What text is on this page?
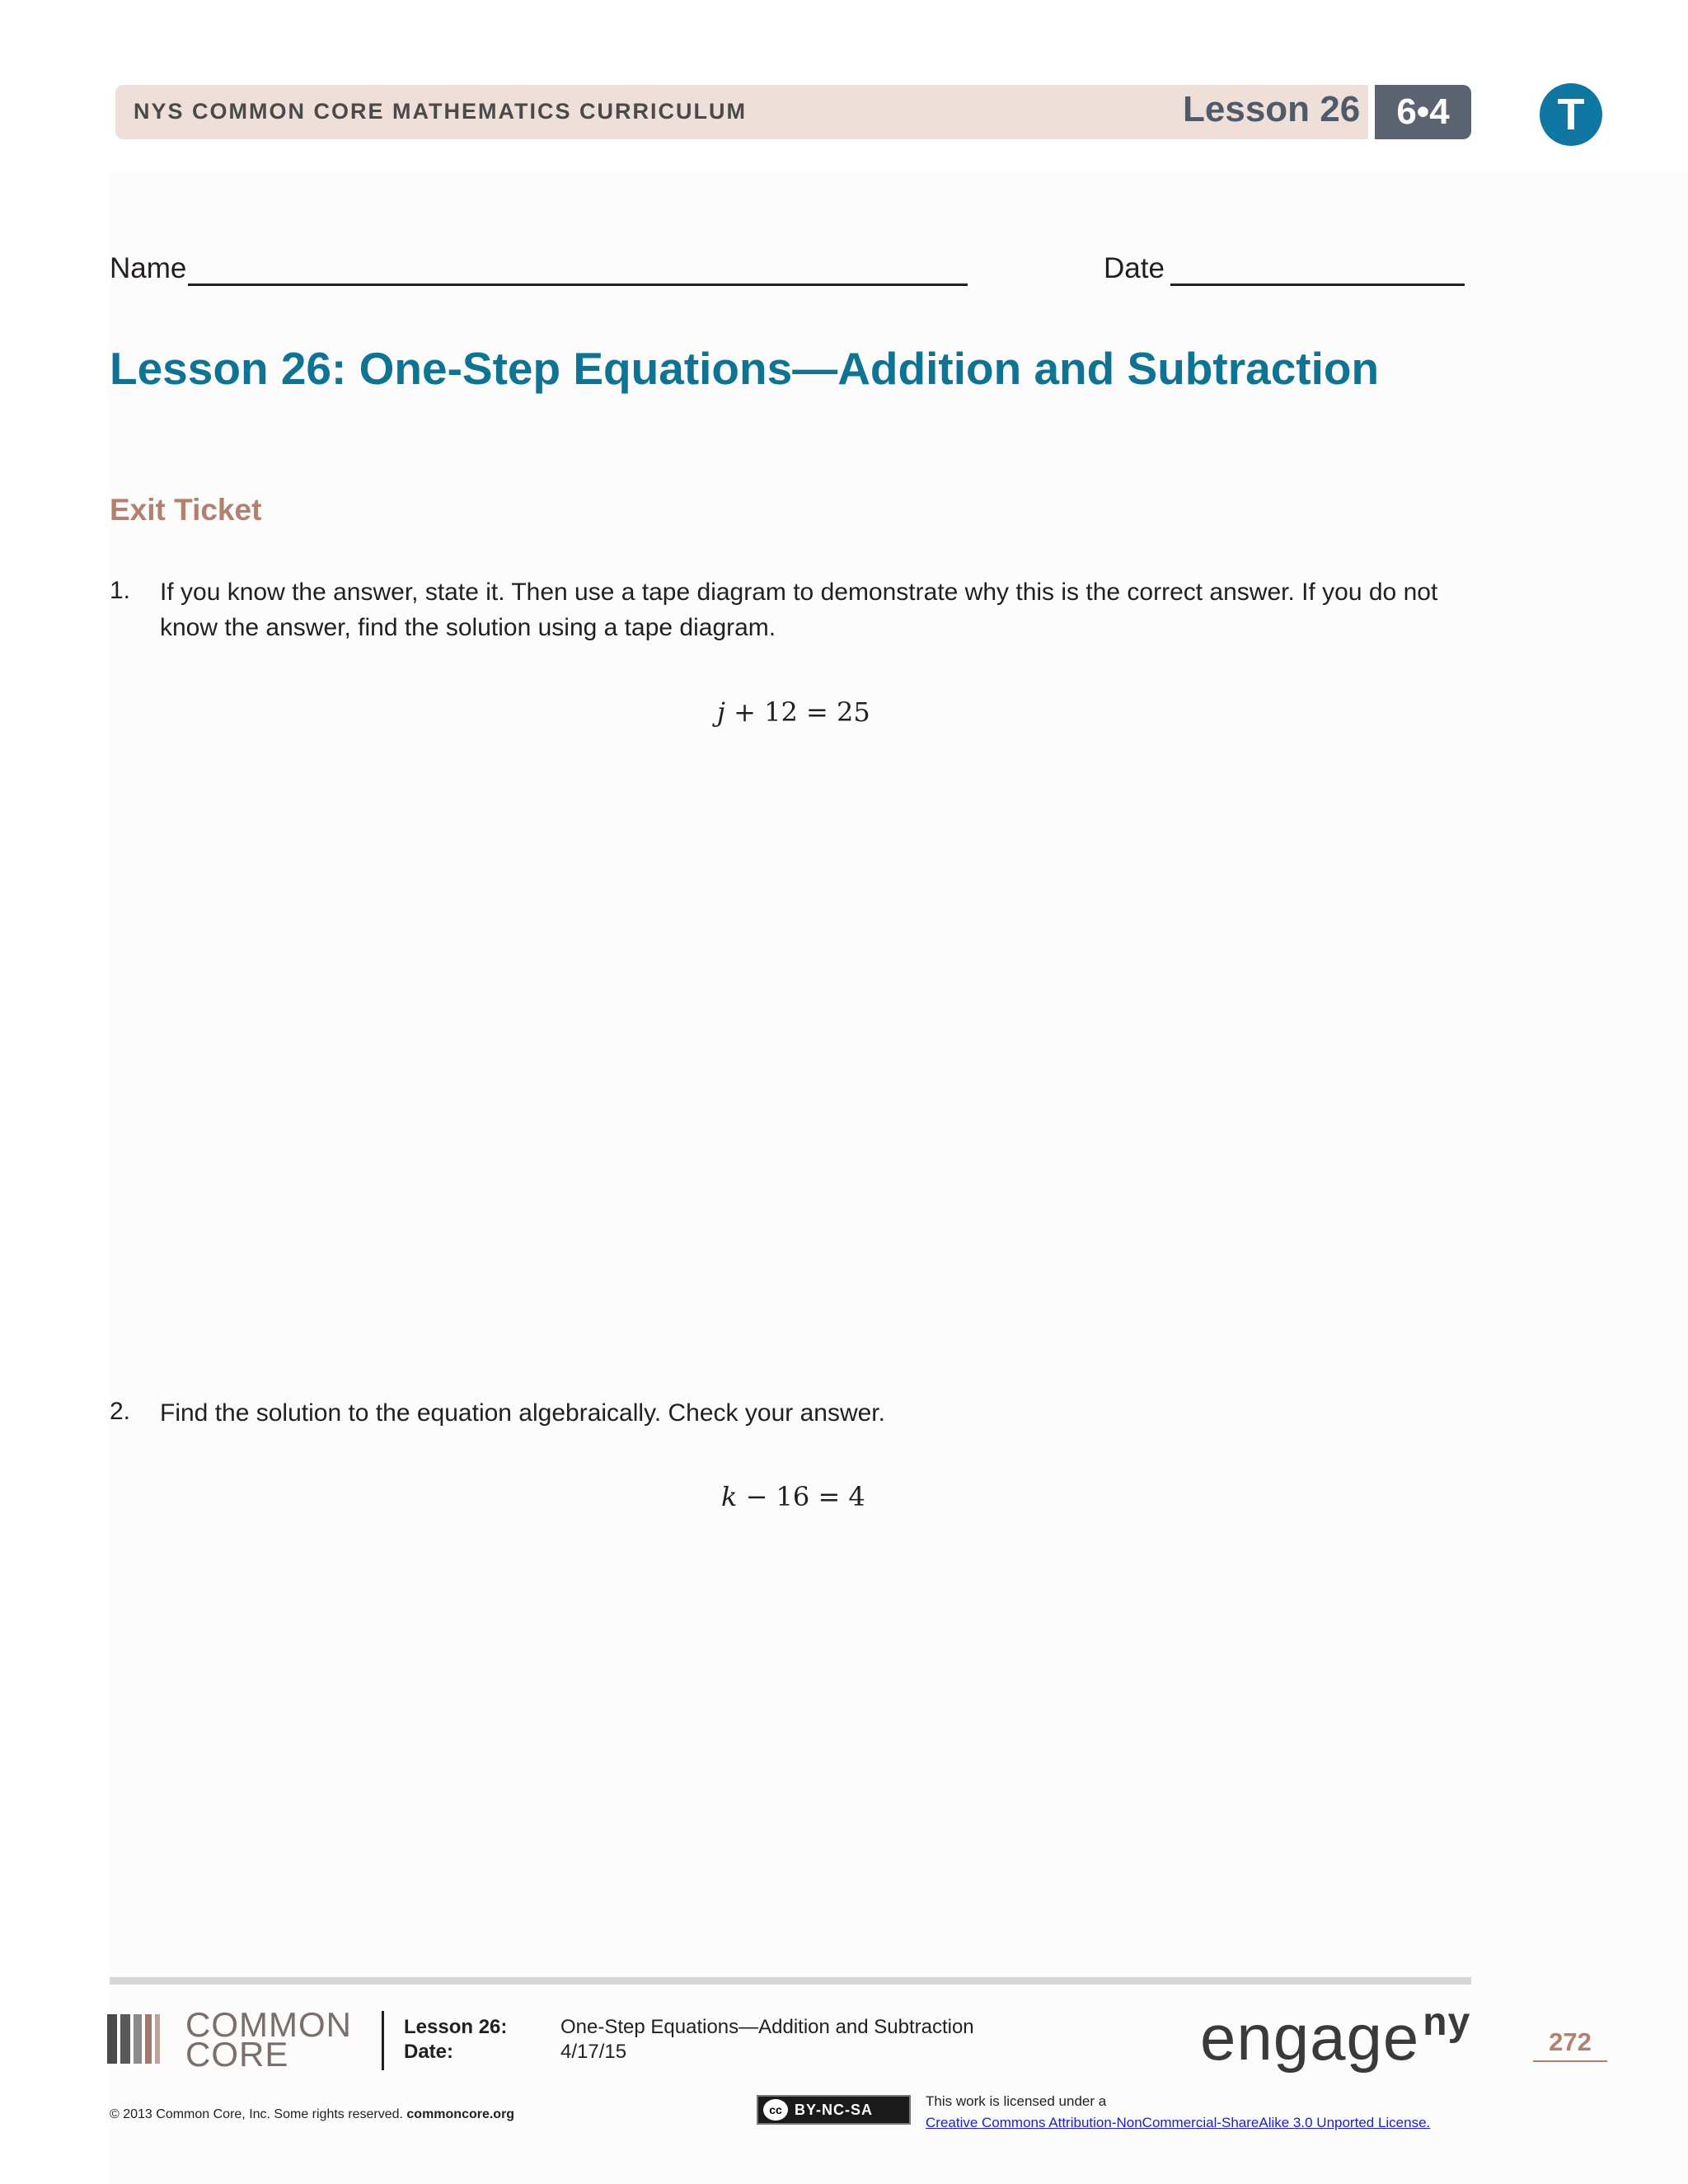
NYS COMMON CORE MATHEMATICS CURRICULUM	Lesson 26	6•4	T
Name	Date
Lesson 26: One-Step Equations—Addition and Subtraction
Exit Ticket
1. If you know the answer, state it. Then use a tape diagram to demonstrate why this is the correct answer. If you do not know the answer, find the solution using a tape diagram.
j + 12 = 25
2. Find the solution to the equation algebraically. Check your answer.
k − 16 = 4
COMMON
CORE
Lesson 26:	One-Step Equations—Addition and Subtraction
Date:	4/17/15	engage$^{ny}$	272
© 2013 Common Core, Inc. Some rights reserved. commoncore.org	cc BY-NC-SA
This work is licensed under a
Creative Commons Attribution-NonCommercial-ShareAlike 3.0 Unported License.
